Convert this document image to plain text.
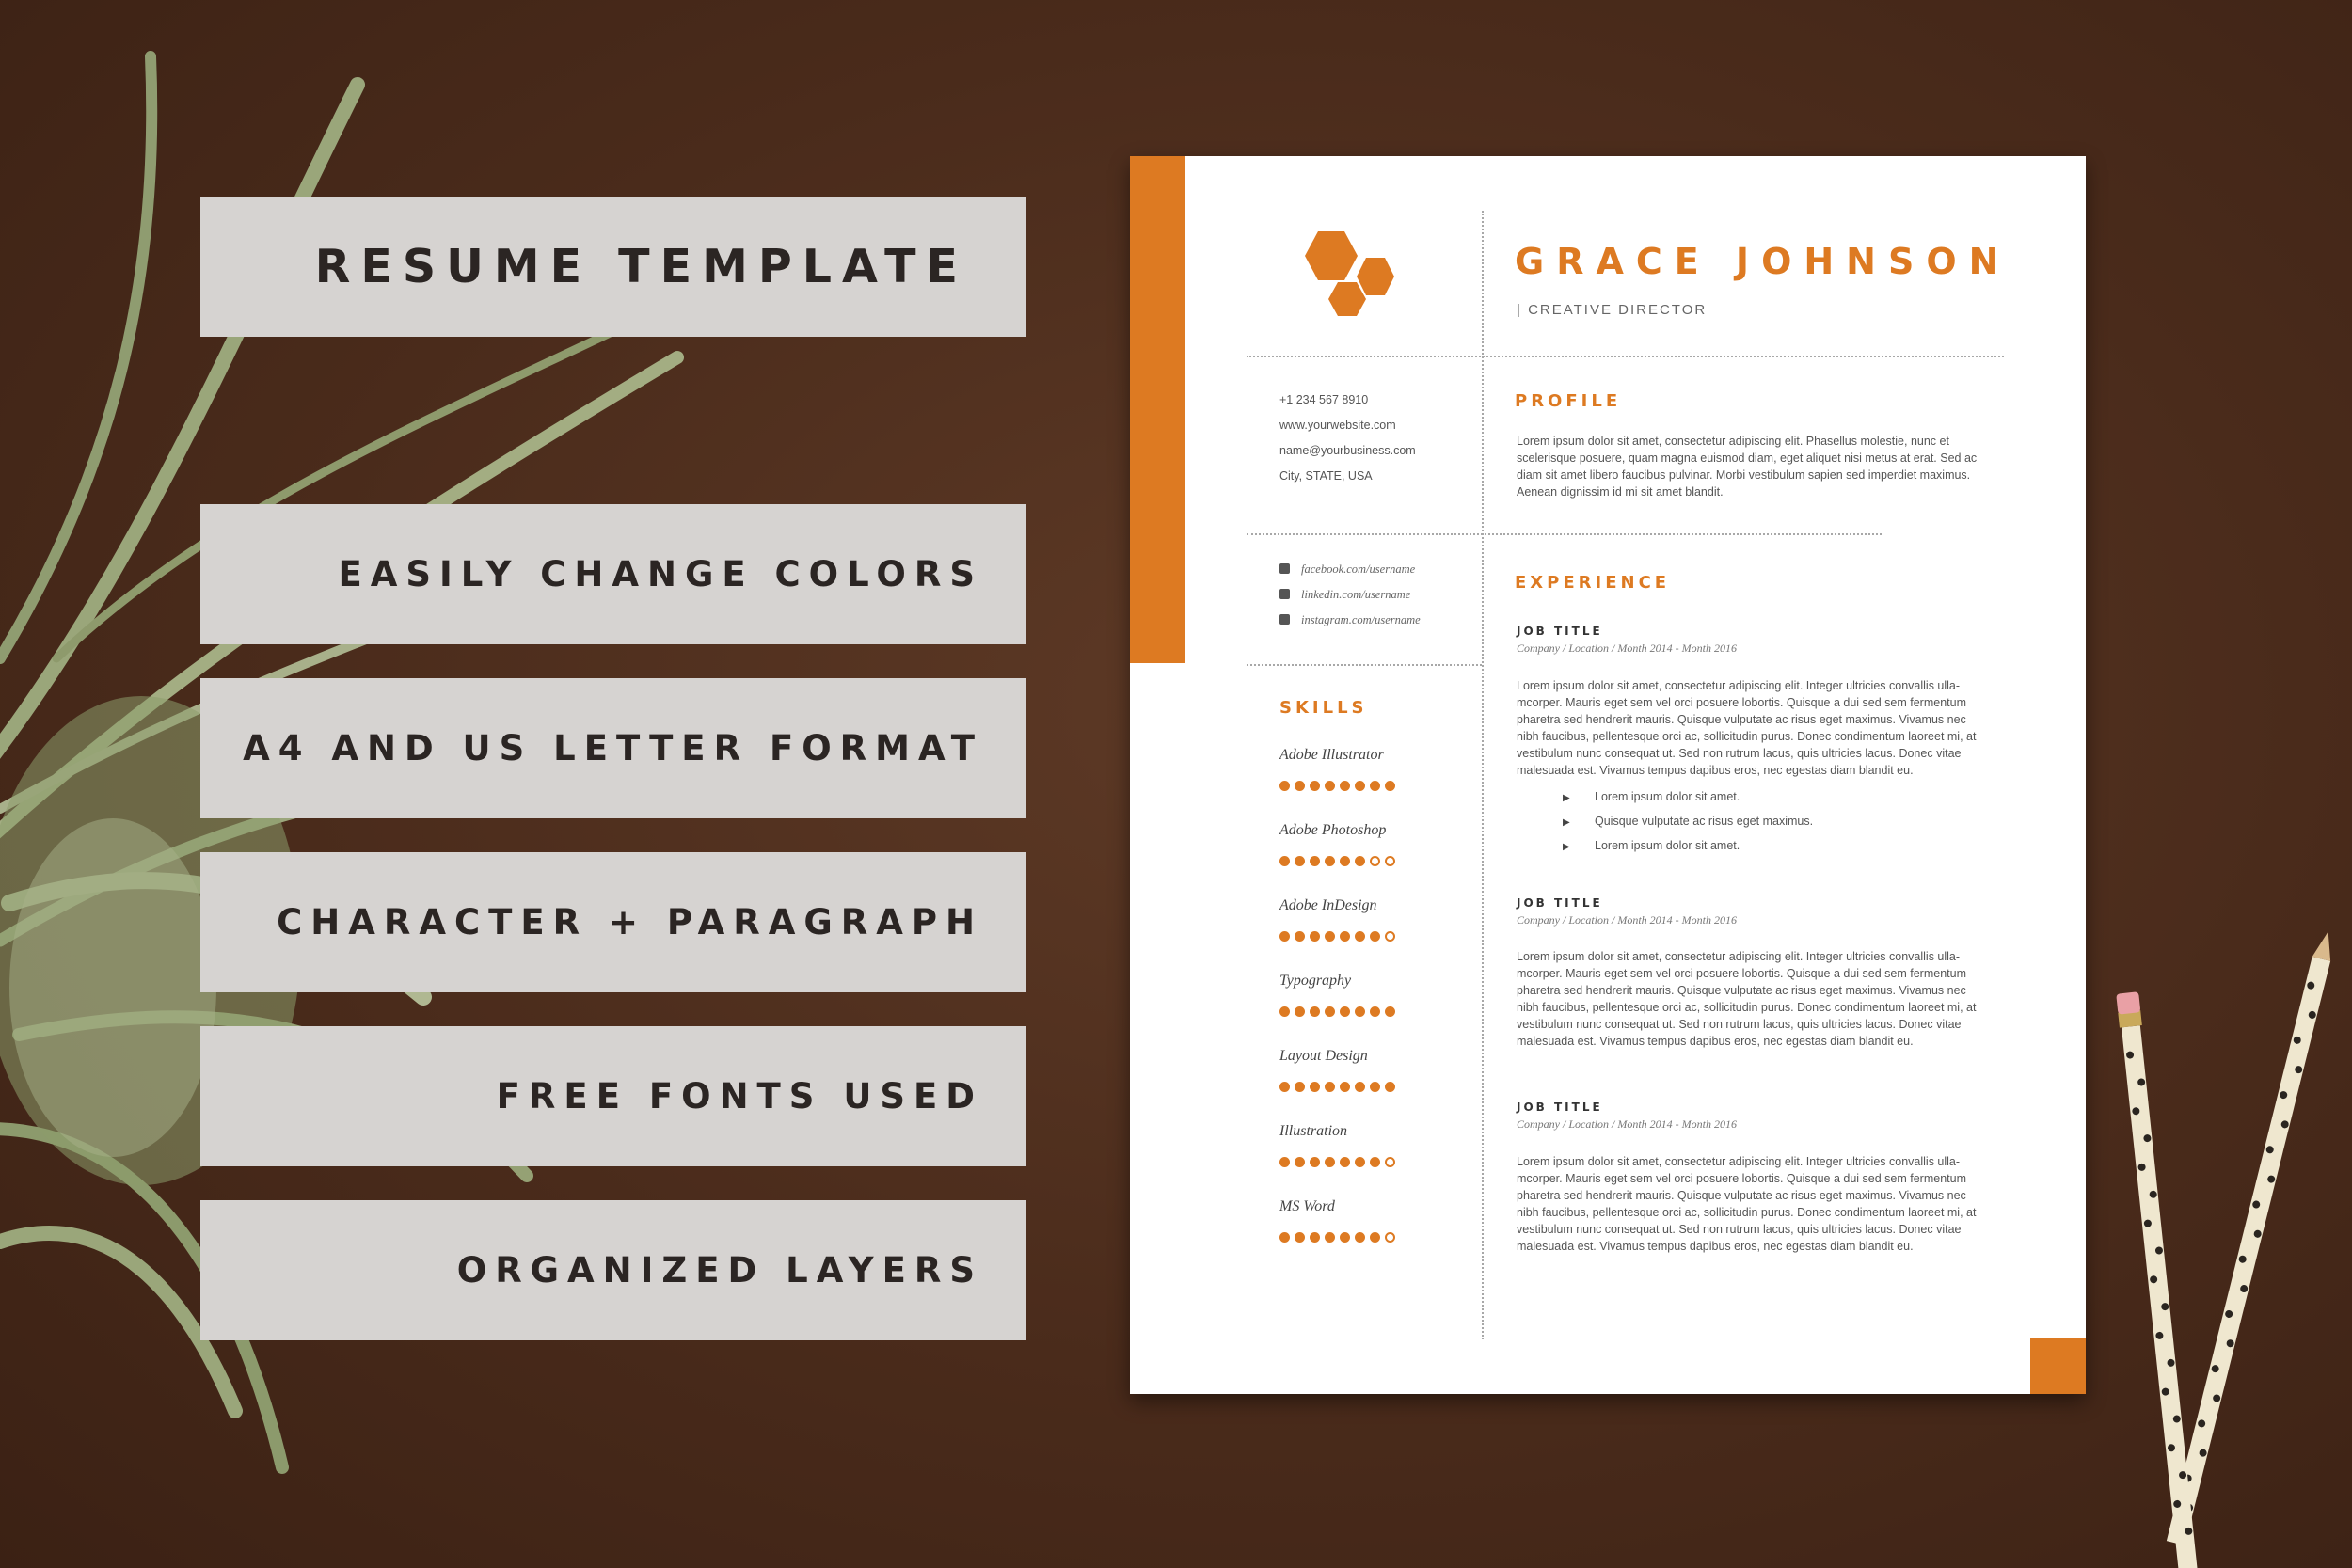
RESUME TEMPLATE
EASILY CHANGE COLORS
A4 AND US LETTER FORMAT
CHARACTER + PARAGRAPH
FREE FONTS USED
ORGANIZED LAYERS
GRACE JOHNSON
| CREATIVE DIRECTOR
+1 234 567 8910
www.yourwebsite.com
name@yourbusiness.com
City, STATE, USA
facebook.com/username
linkedin.com/username
instagram.com/username
SKILLS
Adobe Illustrator
Adobe Photoshop
Adobe InDesign
Typography
Layout Design
Illustration
MS Word
PROFILE
Lorem ipsum dolor sit amet, consectetur adipiscing elit. Phasellus molestie, nunc et scelerisque posuere, quam magna euismod diam, eget aliquet nisi metus at erat. Sed ac diam sit amet libero faucibus pulvinar. Morbi vestibulum sapien sed imperdiet maximus. Aenean dignissim id mi sit amet blandit.
EXPERIENCE
JOB TITLE
Company / Location / Month 2014 - Month 2016
Lorem ipsum dolor sit amet, consectetur adipiscing elit. Integer ultricies convallis ulla-mcorper. Mauris eget sem vel orci posuere lobortis. Quisque a dui sed sem fermentum pharetra sed hendrerit mauris. Quisque vulputate ac risus eget maximus. Vivamus nec nibh faucibus, pellentesque orci ac, sollicitudin purus. Donec condimentum laoreet mi, at vestibulum nunc consequat ut. Sed non rutrum lacus, quis ultricies lacus. Donec vitae malesuada est. Vivamus tempus dapibus eros, nec egestas diam blandit eu.
▶ Lorem ipsum dolor sit amet.
▶ Quisque vulputate ac risus eget maximus.
▶ Lorem ipsum dolor sit amet.
JOB TITLE
Company / Location / Month 2014 - Month 2016
Lorem ipsum dolor sit amet, consectetur adipiscing elit. Integer ultricies convallis ulla-mcorper. Mauris eget sem vel orci posuere lobortis. Quisque a dui sed sem fermentum pharetra sed hendrerit mauris. Quisque vulputate ac risus eget maximus. Vivamus nec nibh faucibus, pellentesque orci ac, sollicitudin purus. Donec condimentum laoreet mi, at vestibulum nunc consequat ut. Sed non rutrum lacus, quis ultricies lacus. Donec vitae malesuada est. Vivamus tempus dapibus eros, nec egestas diam blandit eu.
JOB TITLE
Company / Location / Month 2014 - Month 2016
Lorem ipsum dolor sit amet, consectetur adipiscing elit. Integer ultricies convallis ulla-mcorper. Mauris eget sem vel orci posuere lobortis. Quisque a dui sed sem fermentum pharetra sed hendrerit mauris. Quisque vulputate ac risus eget maximus. Vivamus nec nibh faucibus, pellentesque orci ac, sollicitudin purus. Donec condimentum laoreet mi, at vestibulum nunc consequat ut. Sed non rutrum lacus, quis ultricies lacus. Donec vitae malesuada est. Vivamus tempus dapibus eros, nec egestas diam blandit eu.
